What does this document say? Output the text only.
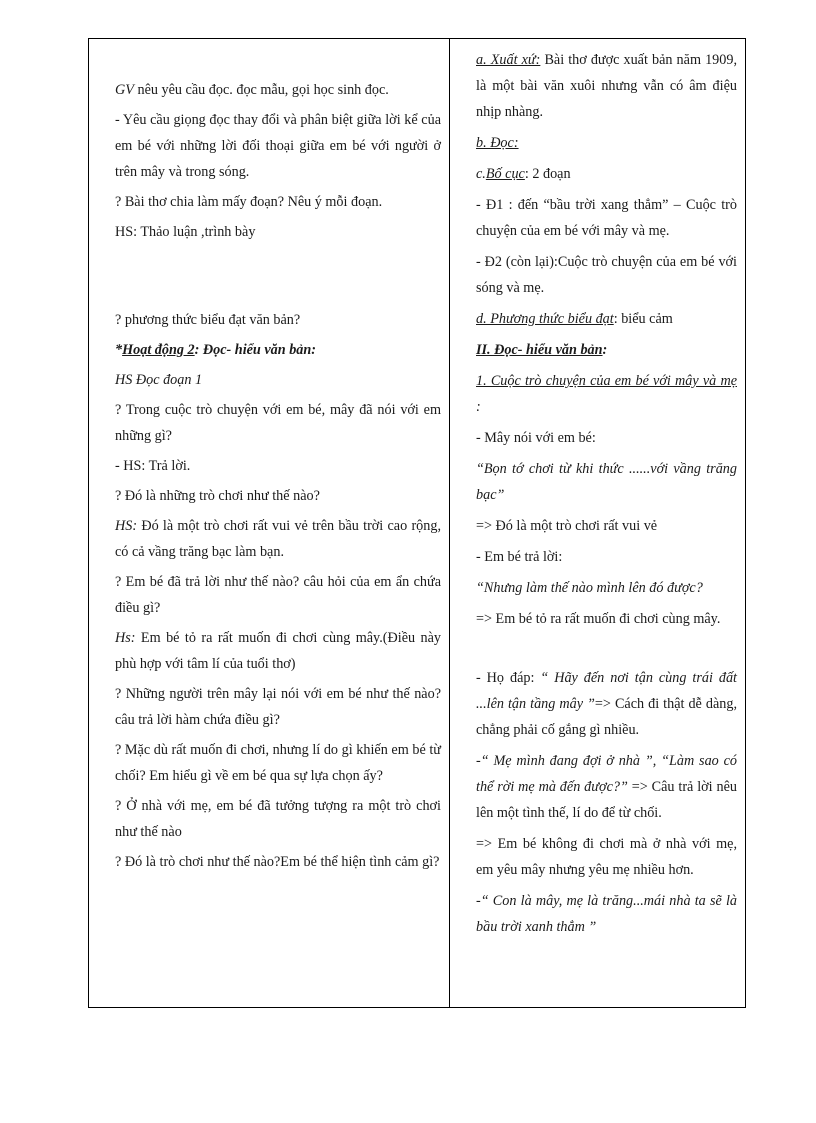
GV nêu yêu cầu đọc. đọc mẫu, gọi học sinh đọc.

- Yêu cầu giọng đọc thay đổi và phân biệt giữa lời kể của em bé với những lời đối thoại giữa em bé với người ở trên mây và trong sóng.

? Bài thơ chia làm mấy đoạn? Nêu ý mỗi đoạn.

HS: Thảo luận ,trình bày

? phương thức biểu đạt văn bản?

*Hoạt động 2: Đọc- hiểu văn bản:

HS Đọc đoạn 1

? Trong cuộc trò chuyện với em bé, mây đã nói với em những gì?

- HS: Trả lời.

? Đó là những trò chơi như thế nào?

HS: Đó là một trò chơi rất vui vẻ trên bầu trời cao rộng, có cả vầng trăng bạc làm bạn.

? Em bé đã trả lời như thế nào? câu hỏi của em ẩn chứa điều gì?

Hs: Em bé tỏ ra rất muốn đi chơi cùng mây.(Điều này phù hợp với tâm lí của tuổi thơ)

? Những người trên mây lại nói với em bé như thế nào? câu trả lời hàm chứa điều gì?

? Mặc dù rất muốn đi chơi, nhưng lí do gì khiến em bé từ chối? Em hiểu gì về em bé qua sự lựa chọn ấy?

? Ở nhà với mẹ, em bé đã tưởng tượng ra một trò chơi như thế nào

? Đó là trò chơi như thế nào?Em bé thể hiện tình cảm gì?

a. Xuất xứ: Bài thơ được xuất bản năm 1909, là một bài văn xuôi nhưng vẫn có âm điệu nhịp nhàng.

b. Đọc:

c.Bố cục: 2 đoạn

- Đ1 : đến “bầu trời xang thẳm” – Cuộc trò chuyện của em bé với mây và mẹ.

- Đ2 (còn lại):Cuộc trò chuyện của em bé với sóng và mẹ.

d. Phương thức biểu đạt: biểu cảm

II. Đọc- hiểu văn bản:

1. Cuộc trò chuyện của em bé với mây và mẹ :

- Mây nói với em bé:

“Bọn tớ chơi từ khi thức ......với vầng trăng bạc”

=> Đó là một trò chơi rất vui vẻ

- Em bé trả lời:

“Nhưng làm thế nào mình lên đó được?

=> Em bé tỏ ra rất muốn đi chơi cùng mây.

- Họ đáp: “ Hãy đến nơi tận cùng trái đất ...lên tận tầng mây ”=> Cách đi thật dễ dàng, chẳng phải cố gắng gì nhiều.

-“ Mẹ mình đang đợi ở nhà ”, “Làm sao có thể rời mẹ mà đến được?” => Câu trả lời nêu lên một tình thế, lí do để từ chối.

=> Em bé không đi chơi mà ở nhà với mẹ, em yêu mây nhưng yêu mẹ nhiều hơn.

-“ Con là mây, mẹ là trăng...mái nhà ta sẽ là bầu trời xanh thẳm ”
